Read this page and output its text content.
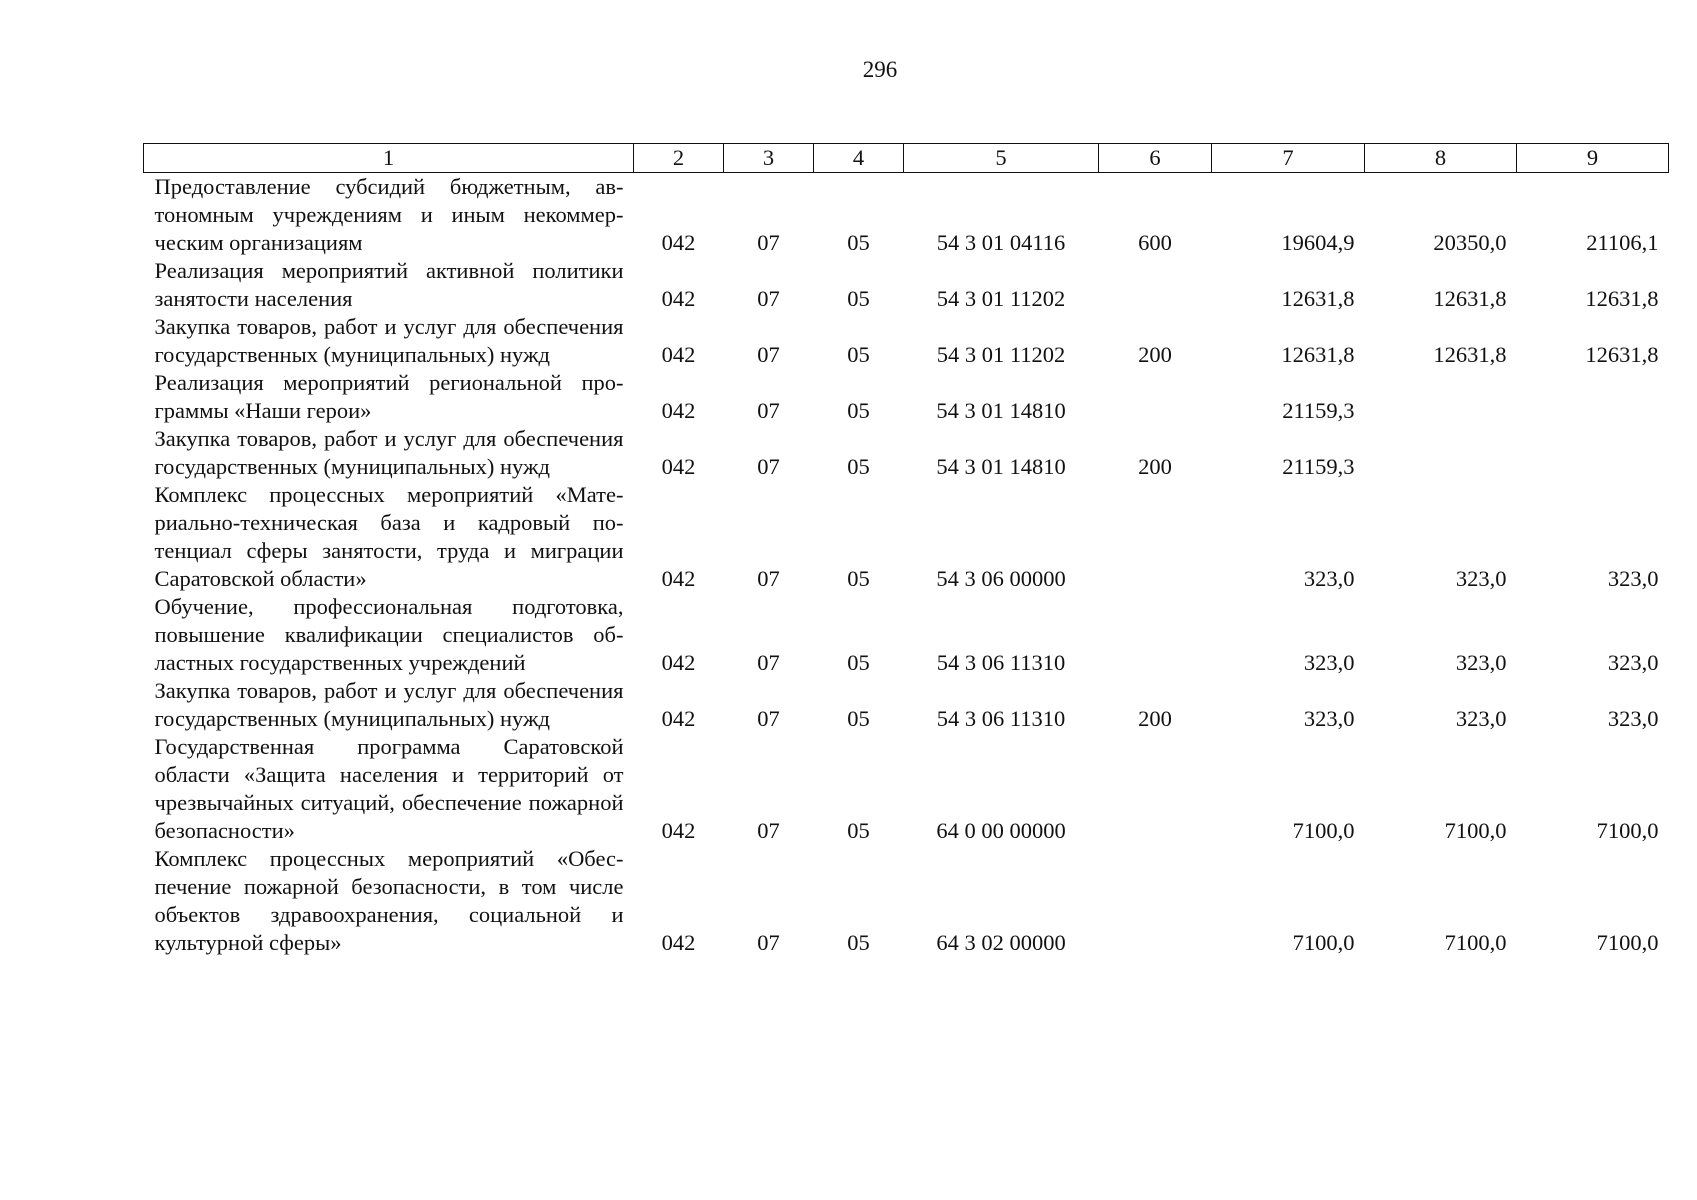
296
1	2	3	4	5	6	7	8	9
Предоставление субсидий бюджетным, автономным учреждениям и иным некоммерческим организациям	042	07	05	54 3 01 04116	600	19604,9	20350,0	21106,1
Реализация мероприятий активной политики занятости населения	042	07	05	54 3 01 11202		12631,8	12631,8	12631,8
Закупка товаров, работ и услуг для обеспечения государственных (муниципальных) нужд	042	07	05	54 3 01 11202	200	12631,8	12631,8	12631,8
Реализация мероприятий региональной программы «Наши герои»	042	07	05	54 3 01 14810		21159,3		
Закупка товаров, работ и услуг для обеспечения государственных (муниципальных) нужд	042	07	05	54 3 01 14810	200	21159,3		
Комплекс процессных мероприятий «Материально-техническая база и кадровый потенциал сферы занятости, труда и миграции Саратовской области»	042	07	05	54 3 06 00000		323,0	323,0	323,0
Обучение, профессиональная подготовка, повышение квалификации специалистов областных государственных учреждений	042	07	05	54 3 06 11310		323,0	323,0	323,0
Закупка товаров, работ и услуг для обеспечения государственных (муниципальных) нужд	042	07	05	54 3 06 11310	200	323,0	323,0	323,0
Государственная программа Саратовской области «Защита населения и территорий от чрезвычайных ситуаций, обеспечение пожарной безопасности»	042	07	05	64 0 00 00000		7100,0	7100,0	7100,0
Комплекс процессных мероприятий «Обеспечение пожарной безопасности, в том числе объектов здравоохранения, социальной и культурной сферы»	042	07	05	64 3 02 00000		7100,0	7100,0	7100,0
